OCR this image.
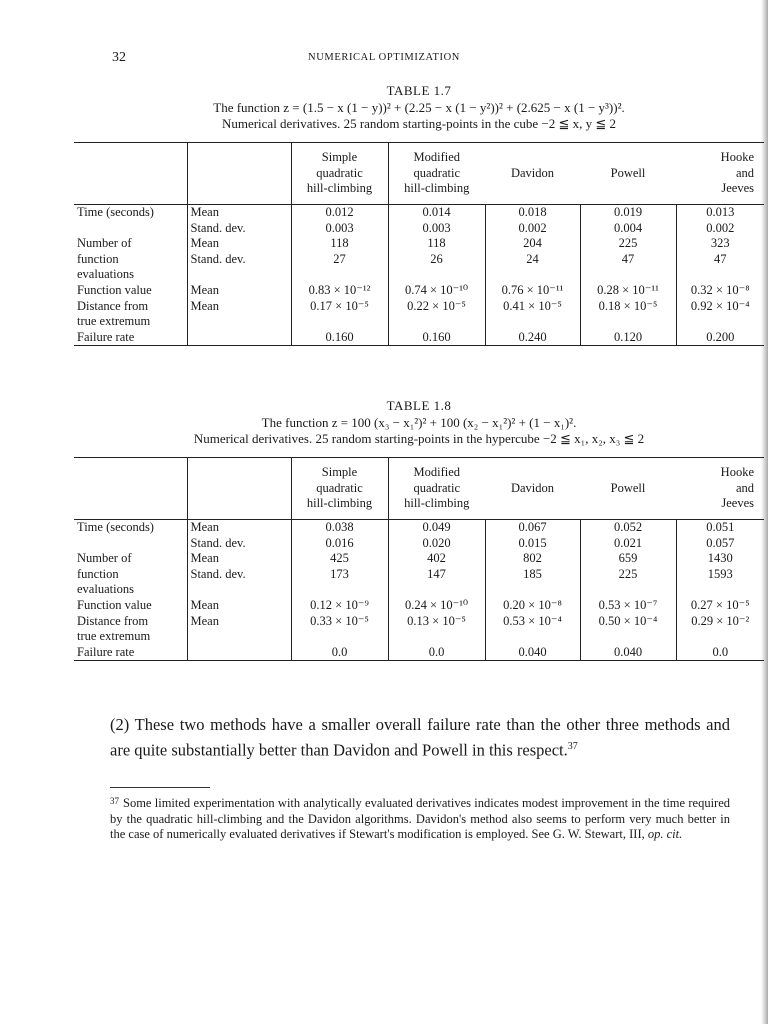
32	NUMERICAL OPTIMIZATION
TABLE 1.7
The function z = (1.5 − x (1 − y))² + (2.25 − x (1 − y²))² + (2.625 − x (1 − y³))².
Numerical derivatives. 25 random starting-points in the cube −2 ≦ x, y ≦ 2
		Simple
quadratic
hill-climbing	Modified
quadratic
hill-climbing	Davidon	Powell	Hooke
and
Jeeves
Time (seconds)	Mean	0.012	0.014	0.018	0.019	0.013
	Stand. dev.	0.003	0.003	0.002	0.004	0.002
Number of	Mean	118	118	204	225	323
function	Stand. dev.	27	26	24	47	47
evaluations						
Function value	Mean	0.83 × 10⁻¹²	0.74 × 10⁻¹⁰	0.76 × 10⁻¹¹	0.28 × 10⁻¹¹	0.32 × 10⁻⁸
Distance from	Mean	0.17 × 10⁻⁵	0.22 × 10⁻⁵	0.41 × 10⁻⁵	0.18 × 10⁻⁵	0.92 × 10⁻⁴
true extremum						
Failure rate		0.160	0.160	0.240	0.120	0.200
TABLE 1.8
The function z = 100 (x₃ − x₁²)² + 100 (x₂ − x₁²)² + (1 − x₁)².
Numerical derivatives. 25 random starting-points in the hypercube −2 ≦ x₁, x₂, x₃ ≦ 2
		Simple
quadratic
hill-climbing	Modified
quadratic
hill-climbing	Davidon	Powell	Hooke
and
Jeeves
Time (seconds)	Mean	0.038	0.049	0.067	0.052	0.051
	Stand. dev.	0.016	0.020	0.015	0.021	0.057
Number of	Mean	425	402	802	659	1430
function	Stand. dev.	173	147	185	225	1593
evaluations						
Function value	Mean	0.12 × 10⁻⁹	0.24 × 10⁻¹⁰	0.20 × 10⁻⁸	0.53 × 10⁻⁷	0.27 × 10⁻⁵
Distance from	Mean	0.33 × 10⁻⁵	0.13 × 10⁻⁵	0.53 × 10⁻⁴	0.50 × 10⁻⁴	0.29 × 10⁻²
true extremum						
Failure rate		0.0	0.0	0.040	0.040	0.0
(2) These two methods have a smaller overall failure rate than the other three methods and are quite substantially better than Davidon and Powell in this respect.$^{37}$
$^{37}$ Some limited experimentation with analytically evaluated derivatives indicates modest improvement in the time required by the quadratic hill-climbing and the Davidon algorithms. Davidon's method also seems to perform very much better in the case of numerically evaluated derivatives if Stewart's modification is employed. See G. W. Stewart, III, op. cit.
